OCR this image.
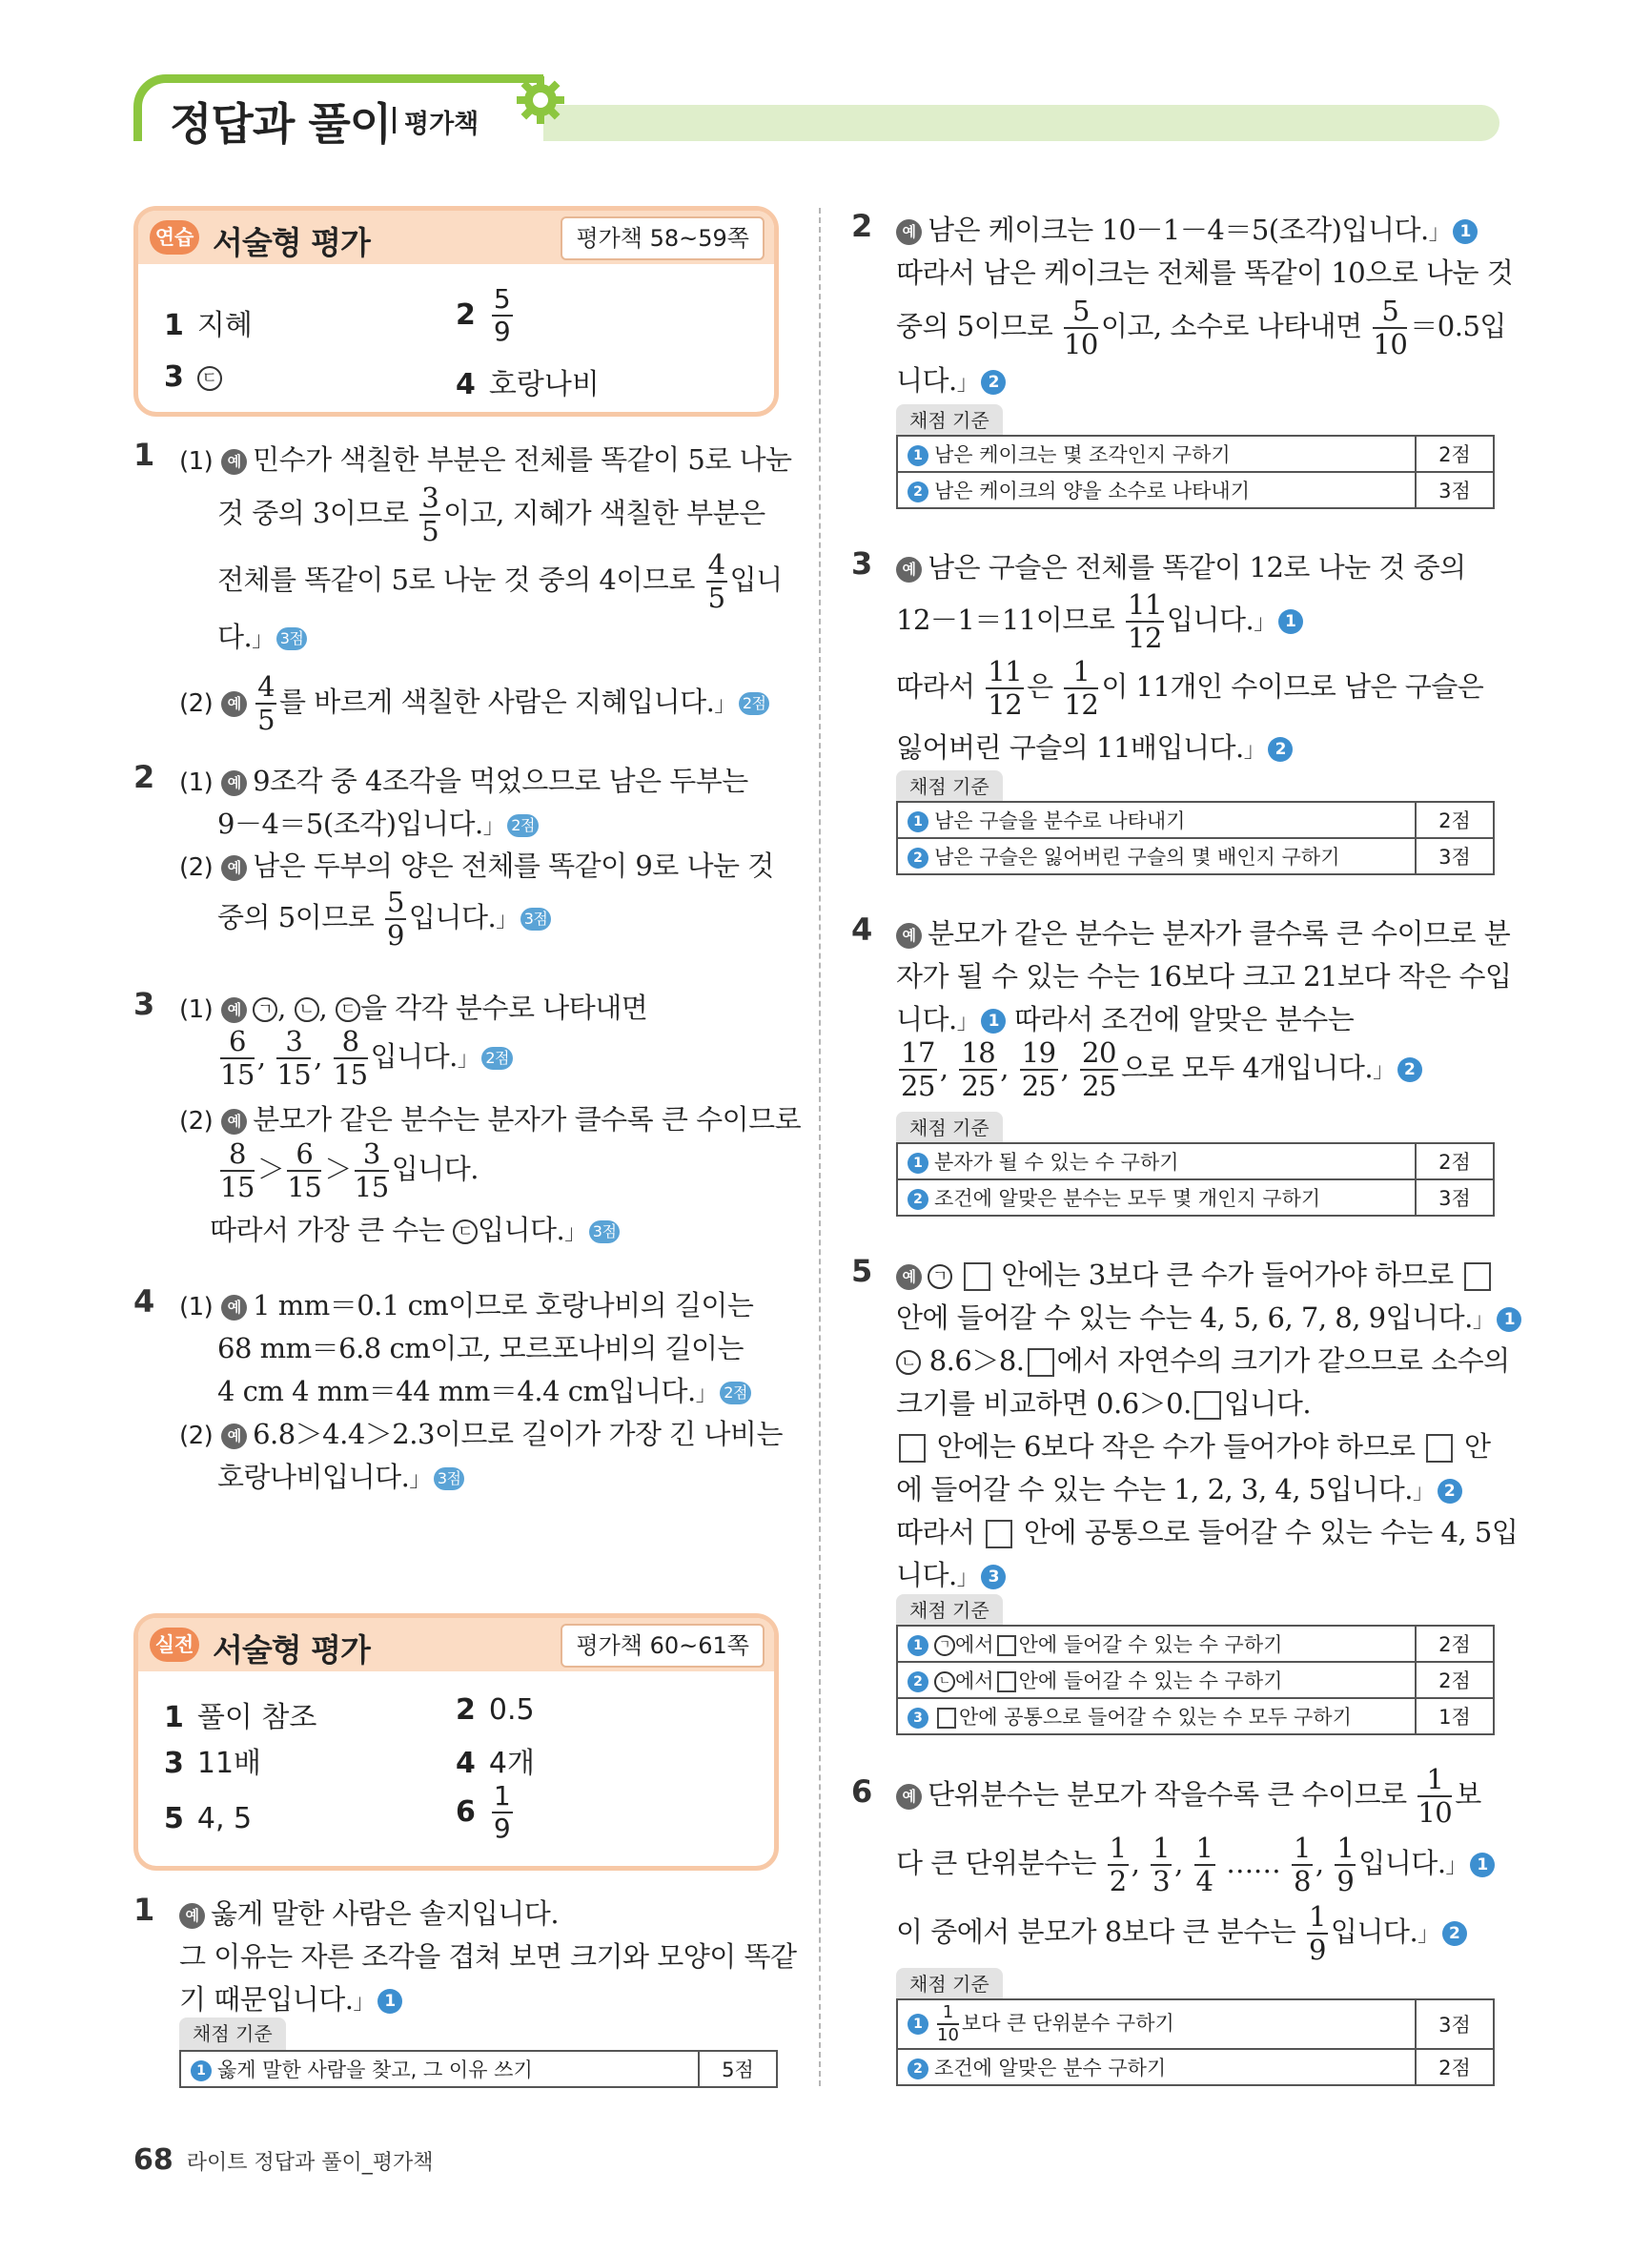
정답과 풀이 평가책
연습 서술형 평가	평가책 58~59쪽
1 지혜	$2 \frac{5}{9}$
3 ㄷ	4 호랑나비
1 (1) 예 민수가 색칠한 부분은 전체를 똑같이 5로 나눈
것 중의 3이므로 $\frac{3}{5}$ 이고, 지혜가 색칠한 부분은
전체를 똑같이 5로 나눈 것 중의 4이므로 $\frac{4}{5}$ 입니
다.」 3점
(2) 예 $\frac{4}{5}$ 를 바르게 색칠한 사람은 지혜입니다.」 2점
2 (1) 예 9조각 중 4조각을 먹었으므로 남은 두부는
9－4＝5(조각)입니다.」 2점
(2) 예 남은 두부의 양은 전체를 똑같이 9로 나눈 것
중의 5이므로 $\frac{5}{9}$ 입니다.」 3점
3 (1) 예 ㄱ , ㄴ , ㄷ 을 각각 분수로 나타내면
$\frac{6}{15}$ , $\frac{3}{15}$ , $\frac{8}{15}$ 입니다.」 2점
(2) 예 분모가 같은 분수는 분자가 클수록 큰 수이므로
$\frac{8}{15} > \frac{6}{15} > \frac{3}{15}$ 입니다.
따라서 가장 큰 수는 ㄷ 입니다.」 3점
4 (1) 예 1 mm＝0.1 cm이므로 호랑나비의 길이는
68 mm＝6.8 cm이고, 모르포나비의 길이는
4 cm 4 mm＝44 mm＝4.4 cm입니다.」 2점
(2) 예 6.8＞4.4＞2.3이므로 길이가 가장 긴 나비는
호랑나비입니다.」 3점
실전 서술형 평가	평가책 60~61쪽
1 풀이 참조	2 0.5
3 11배	4 4개
5 4, 5	$6 \frac{1}{9}$
1	예 옳게 말한 사람은 솔지입니다.
그 이유는 자른 조각을 겹쳐 보면 크기와 모양이 똑같
기 때문입니다.」 1
채점 기준
1 옳게 말한 사람을 찾고, 그 이유 쓰기	5점
2	예 남은 케이크는 10－1－4＝5(조각)입니다.」 1
따라서 남은 케이크는 전체를 똑같이 10으로 나눈 것
중의 5이므로 $\frac{5}{10}$ 이고, 소수로 나타내면 $\frac{5}{10} =0.5$입
니다.」 2
채점 기준
1 남은 케이크는 몇 조각인지 구하기	2점
2 남은 케이크의 양을 소수로 나타내기	3점
3	예 남은 구슬은 전체를 똑같이 12로 나눈 것 중의
12－1＝11이므로 $\frac{11}{12}$ 입니다.」 1
따라서 $\frac{11}{12}$ 은 $\frac{1}{12}$ 이 11개인 수이므로 남은 구슬은
잃어버린 구슬의 11배입니다.」 2
채점 기준
1 남은 구슬을 분수로 나타내기	2점
2 남은 구슬은 잃어버린 구슬의 몇 배인지 구하기	3점
4	예 분모가 같은 분수는 분자가 클수록 큰 수이므로 분
자가 될 수 있는 수는 16보다 크고 21보다 작은 수입
니다.」 1 따라서 조건에 알맞은 분수는
$\frac{17}{25}$ , $\frac{18}{25}$ , $\frac{19}{25}$ , $\frac{20}{25}$ 으로 모두 4개입니다.」 2
채점 기준
1 분자가 될 수 있는 수 구하기	2점
2 조건에 알맞은 분수는 모두 몇 개인지 구하기	3점
5	예 ㄱ 안에는 3보다 큰 수가 들어가야 하므로
안에 들어갈 수 있는 수는 4, 5, 6, 7, 8, 9입니다.」 1
ㄴ 8.6＞8. 에서 자연수의 크기가 같으므로 소수의
크기를 비교하면 0.6＞0. 입니다.
안에는 6보다 작은 수가 들어가야 하므로 안
에 들어갈 수 있는 수는 1, 2, 3, 4, 5입니다.」 2
따라서 안에 공통으로 들어갈 수 있는 수는 4, 5입
니다.」 3
채점 기준
1 ㄱ 에서 안에 들어갈 수 있는 수 구하기	2점
2 ㄴ 에서 안에 들어갈 수 있는 수 구하기	2점
3 안에 공통으로 들어갈 수 있는 수 모두 구하기	1점
6	예 단위분수는 분모가 작을수록 큰 수이므로 $\frac{1}{10}$ 보
다 큰 단위분수는 $\frac{1}{2}$ , $\frac{1}{3}$ , $\frac{1}{4}$ …… $\frac{1}{8}$ , $\frac{1}{9}$ 입니다.」 1
이 중에서 분모가 8보다 큰 분수는 $\frac{1}{9}$ 입니다.」 2
채점 기준
$1 \frac{1}{10}$ 보다 큰 단위분수 구하기	3점
2 조건에 알맞은 분수 구하기	2점
68 라이트 정답과 풀이_평가책
